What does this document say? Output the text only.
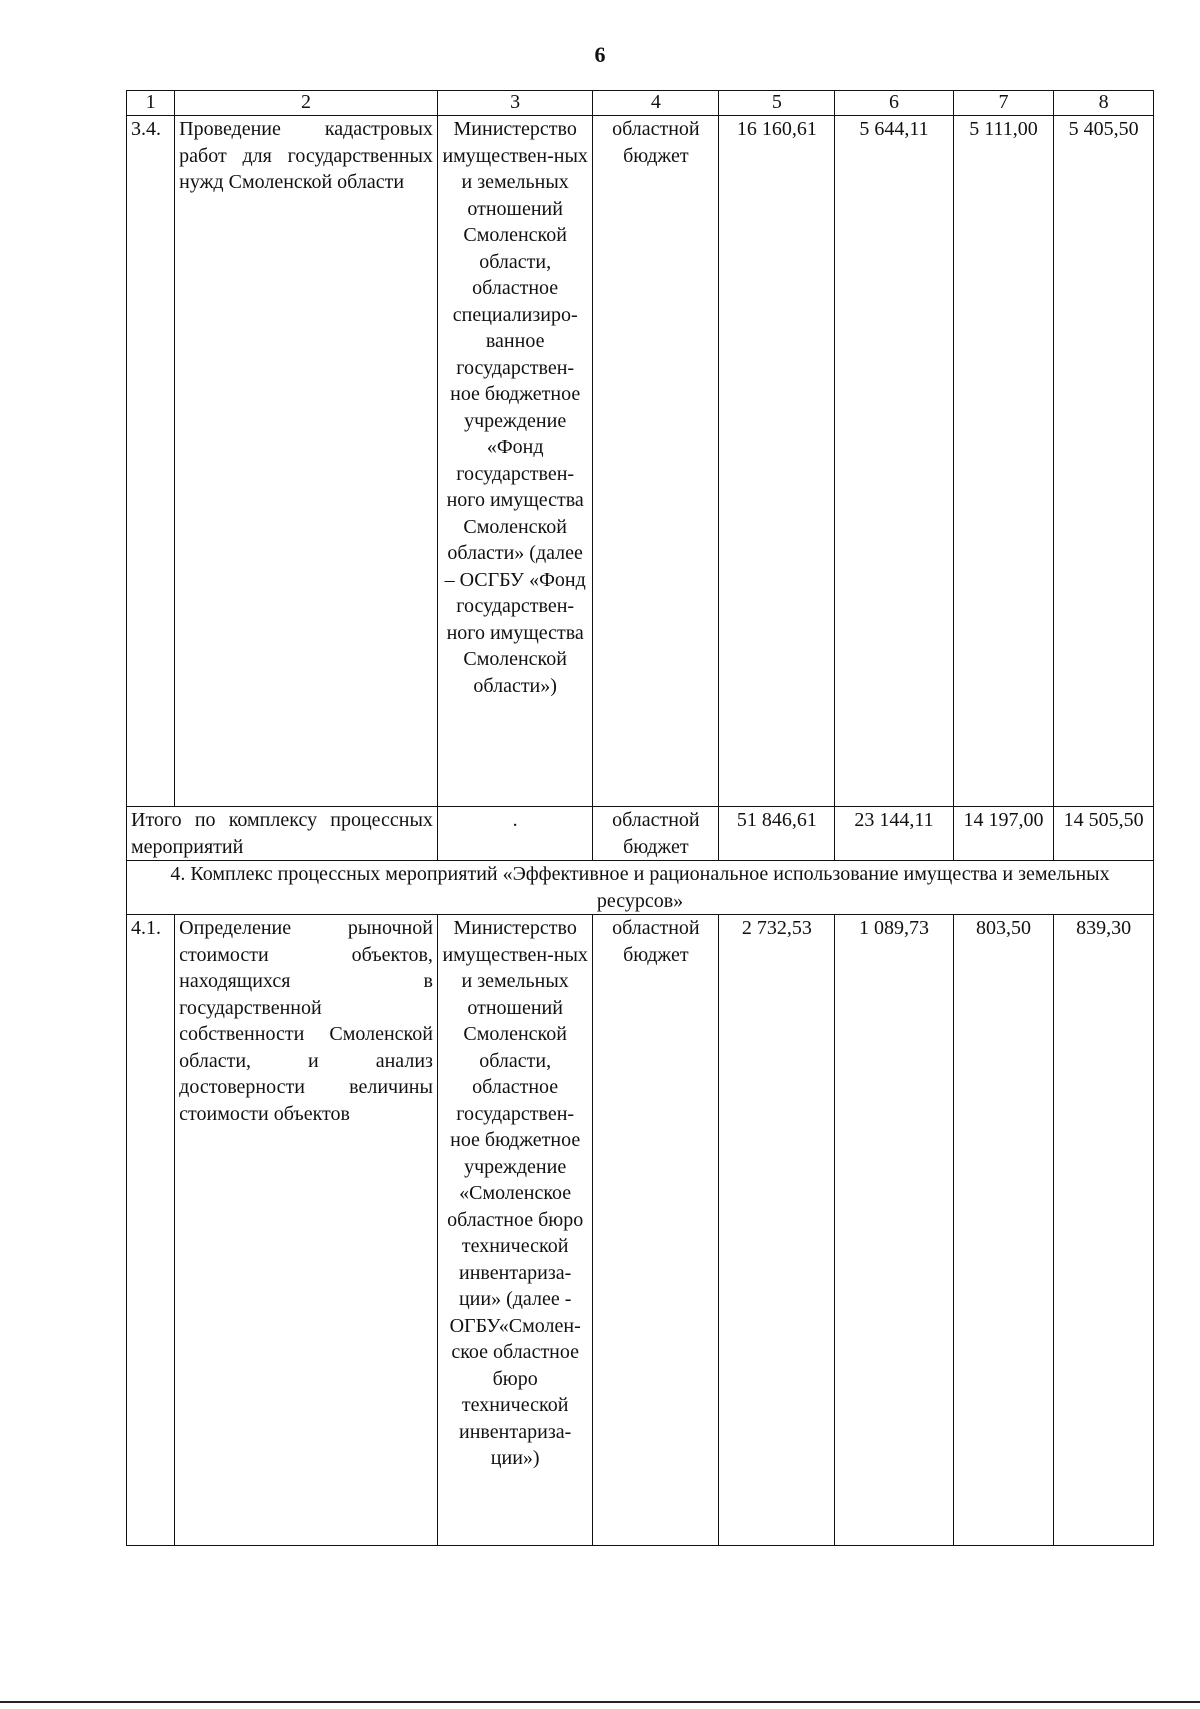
6
1	2	3	4	5	6	7	8
3.4.	Проведение кадастровых работ для государственных нужд Смоленской области	Министерство имуществен-ных и земельных отношений Смоленской области, областное специализиро-ванное государствен-ное бюджетное учреждение «Фонд государствен-ного имущества Смоленской области» (далее – ОСГБУ «Фонд государствен-ного имущества Смоленской области»)	областной бюджет	16 160,61	5 644,11	5 111,00	5 405,50
Итого по комплексу процессных мероприятий		.	областной бюджет	51 846,61	23 144,11	14 197,00	14 505,50
4. Комплекс процессных мероприятий «Эффективное и рациональное использование имущества и земельных ресурсов»							
4.1.	Определение рыночной стоимости объектов, находящихся в государственной собственности Смоленской области, и анализ достоверности величины стоимости объектов	Министерство имуществен-ных и земельных отношений Смоленской области, областное государствен-ное бюджетное учреждение «Смоленское областное бюро технической инвентариза-ции» (далее - ОГБУ«Смолен-ское областное бюро технической инвентариза-ции»)	областной бюджет	2 732,53	1 089,73	803,50	839,30
